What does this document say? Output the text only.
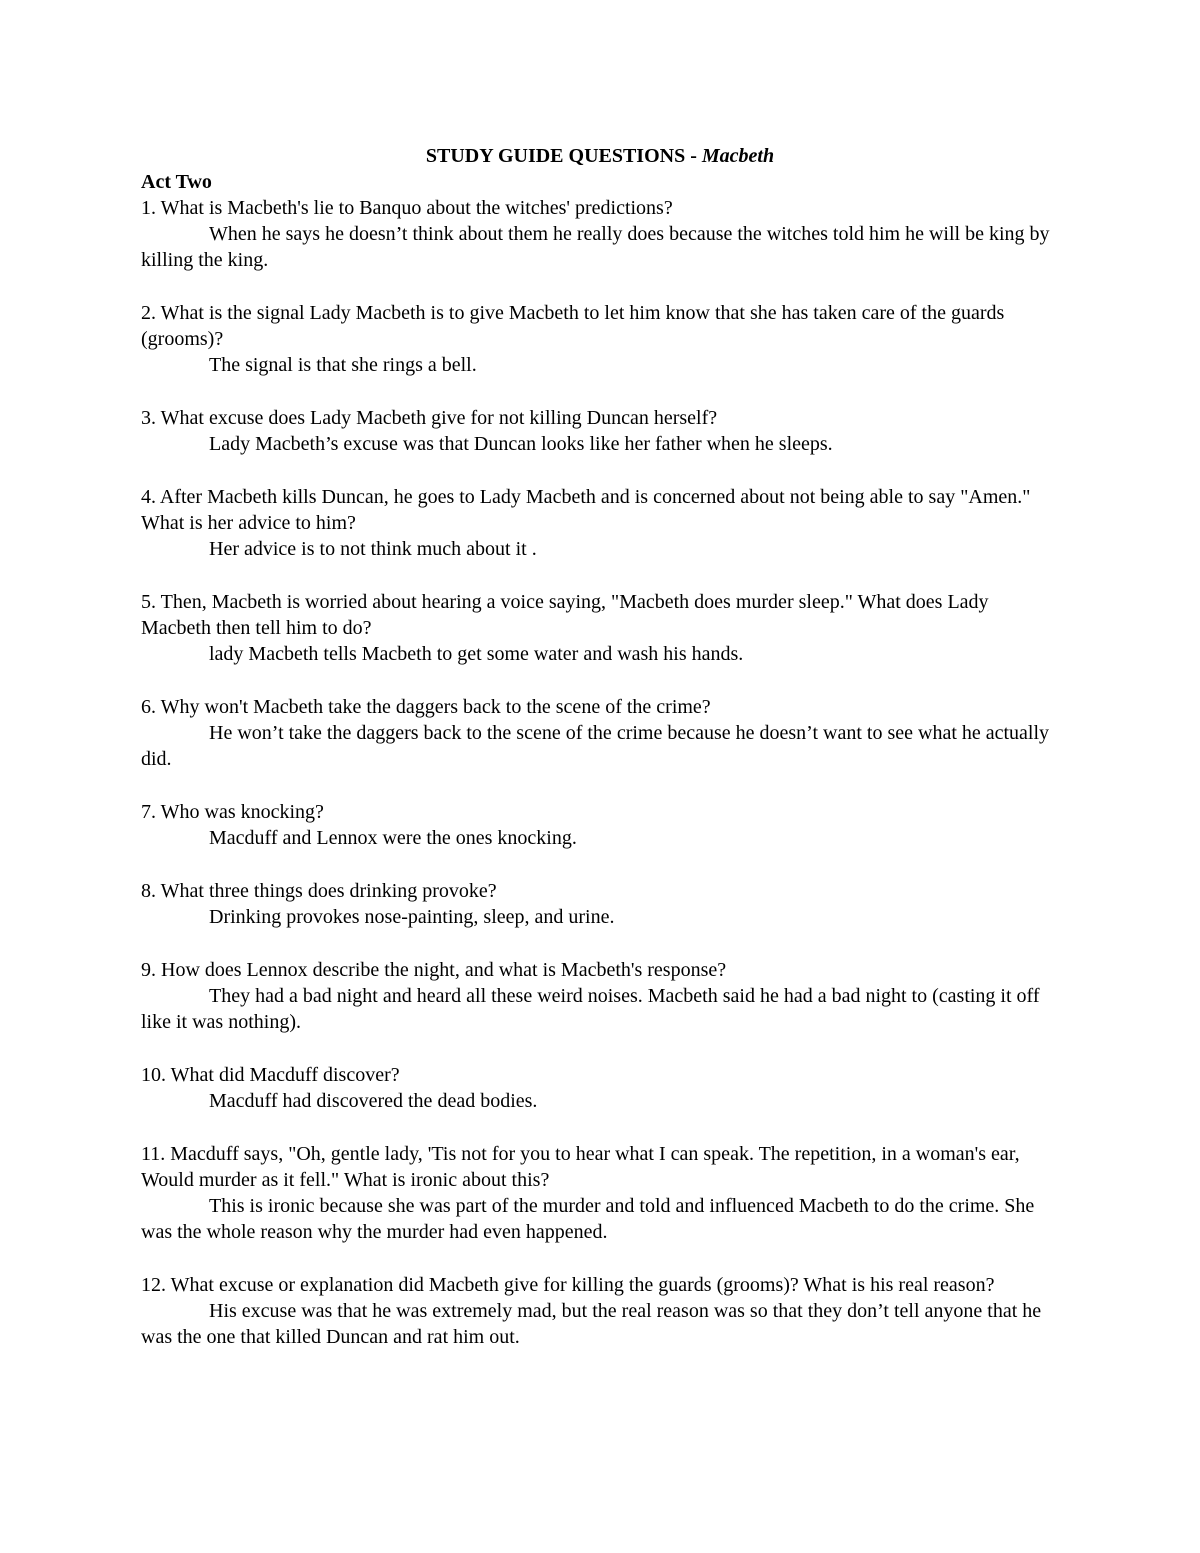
STUDY GUIDE QUESTIONS - Macbeth

Act Two

1. What is Macbeth's lie to Banquo about the witches' predictions?

When he says he doesn’t think about them he really does because the witches told him he will be king by killing the king.

2. What is the signal Lady Macbeth is to give Macbeth to let him know that she has taken care of the guards (grooms)?

The signal is that she rings a bell.

3. What excuse does Lady Macbeth give for not killing Duncan herself?

Lady Macbeth’s excuse was that Duncan looks like her father when he sleeps.

4. After Macbeth kills Duncan, he goes to Lady Macbeth and is concerned about not being able to say "Amen." What is her advice to him?

Her advice is to not think much about it .

5. Then, Macbeth is worried about hearing a voice saying, "Macbeth does murder sleep." What does Lady Macbeth then tell him to do?

lady Macbeth tells Macbeth to get some water and wash his hands.

6. Why won't Macbeth take the daggers back to the scene of the crime?

He won’t take the daggers back to the scene of the crime because he doesn’t want to see what he actually did.

7. Who was knocking?

Macduff and Lennox were the ones knocking.

8. What three things does drinking provoke?

Drinking provokes nose-painting, sleep, and urine.

9. How does Lennox describe the night, and what is Macbeth's response?

They had a bad night and heard all these weird noises. Macbeth said he had a bad night to (casting it off like it was nothing).

10. What did Macduff discover?

Macduff had discovered the dead bodies.

11. Macduff says, "Oh, gentle lady, 'Tis not for you to hear what I can speak. The repetition, in a woman's ear, Would murder as it fell." What is ironic about this?

This is ironic because she was part of the murder and told and influenced Macbeth to do the crime. She was the whole reason why the murder had even happened.

12. What excuse or explanation did Macbeth give for killing the guards (grooms)? What is his real reason?

His excuse was that he was extremely mad, but the real reason was so that they don’t tell anyone that he was the one that killed Duncan and rat him out.
